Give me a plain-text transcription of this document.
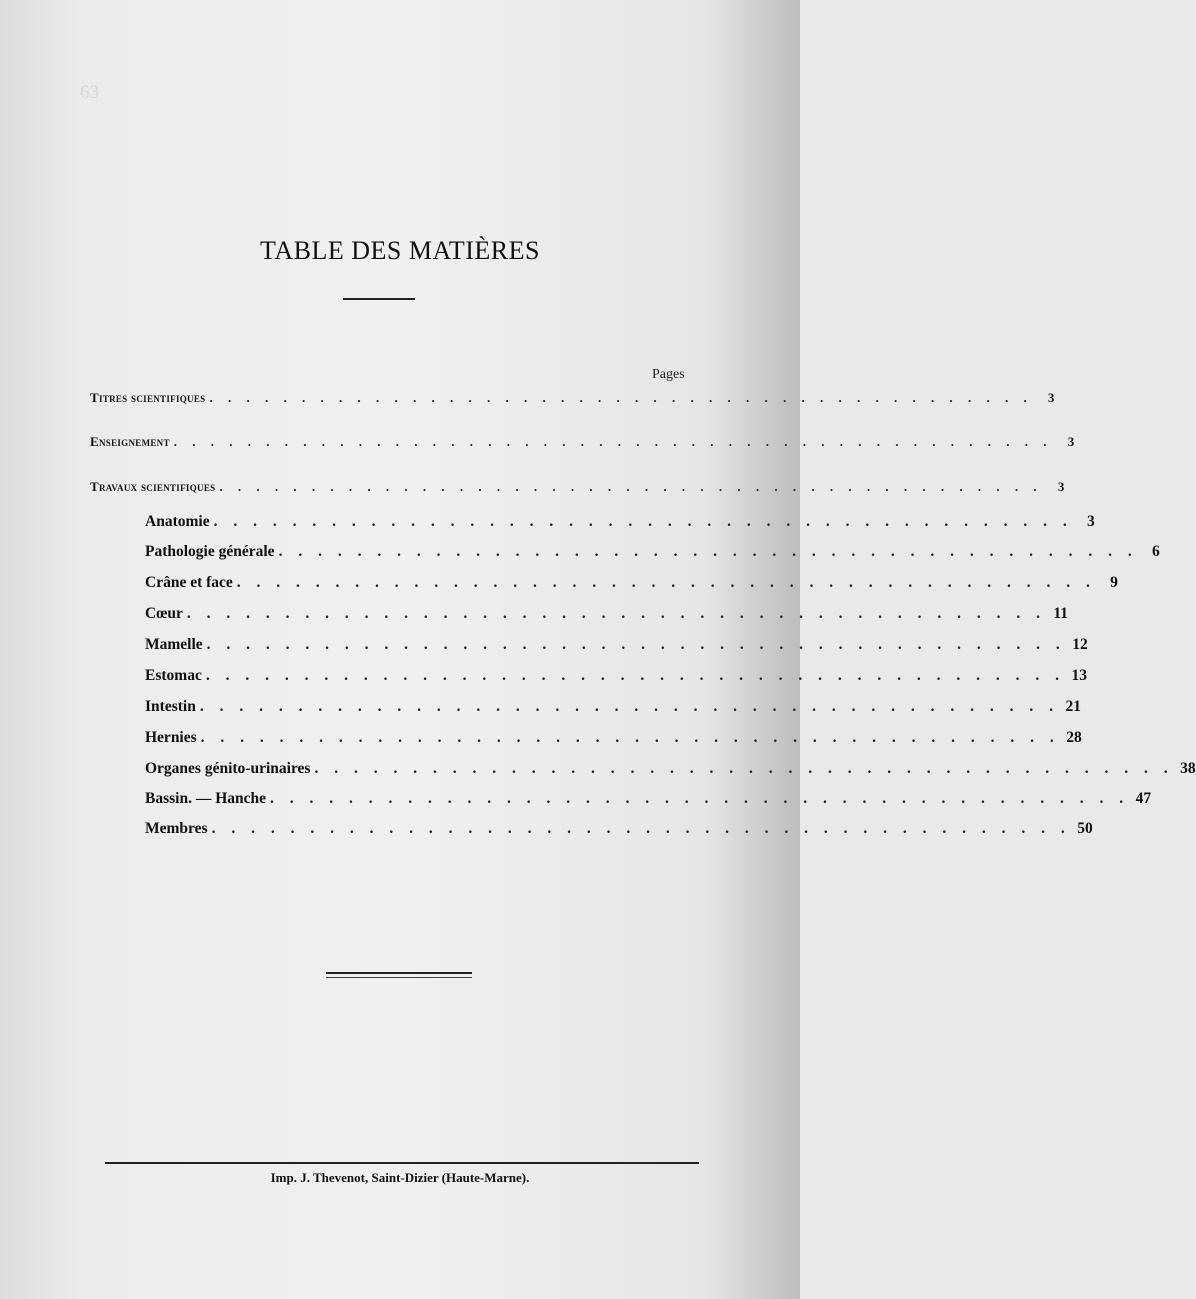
63

TABLE DES MATIÈRES
Pages
Titres scientifiques . . . . . . . . . . . . . . . . . . . . . . . . . . . . . . . . . . . . . . . . . . . . .	3
Enseignement . . . . . . . . . . . . . . . . . . . . . . . . . . . . . . . . . . . . . . . . . . . . . . . .	3
Travaux scientifiques . . . . . . . . . . . . . . . . . . . . . . . . . . . . . . . . . . . . . . . . . . . . .	3
Anatomie . . . . . . . . . . . . . . . . . . . . . . . . . . . . . . . . . . . . . . . . . . . . 3
Pathologie générale . . . . . . . . . . . . . . . . . . . . . . . . . . . . . . . . . . . . . . . . . . . . 6
Crâne et face . . . . . . . . . . . . . . . . . . . . . . . . . . . . . . . . . . . . . . . . . . . . 9
Cœur . . . . . . . . . . . . . . . . . . . . . . . . . . . . . . . . . . . . . . . . . . . . 11
Mamelle . . . . . . . . . . . . . . . . . . . . . . . . . . . . . . . . . . . . . . . . . . . . 12
Estomac . . . . . . . . . . . . . . . . . . . . . . . . . . . . . . . . . . . . . . . . . . . . 13
Intestin . . . . . . . . . . . . . . . . . . . . . . . . . . . . . . . . . . . . . . . . . . . . 21
Hernies . . . . . . . . . . . . . . . . . . . . . . . . . . . . . . . . . . . . . . . . . . . . 28
Organes génito-urinaires . . . . . . . . . . . . . . . . . . . . . . . . . . . . . . . . . . . . . . . . . . . . 38
Bassin. — Hanche . . . . . . . . . . . . . . . . . . . . . . . . . . . . . . . . . . . . . . . . . . . . 47
Membres . . . . . . . . . . . . . . . . . . . . . . . . . . . . . . . . . . . . . . . . . . . . 50
Imp. J. Thevenot, Saint-Dizier (Haute-Marne).
